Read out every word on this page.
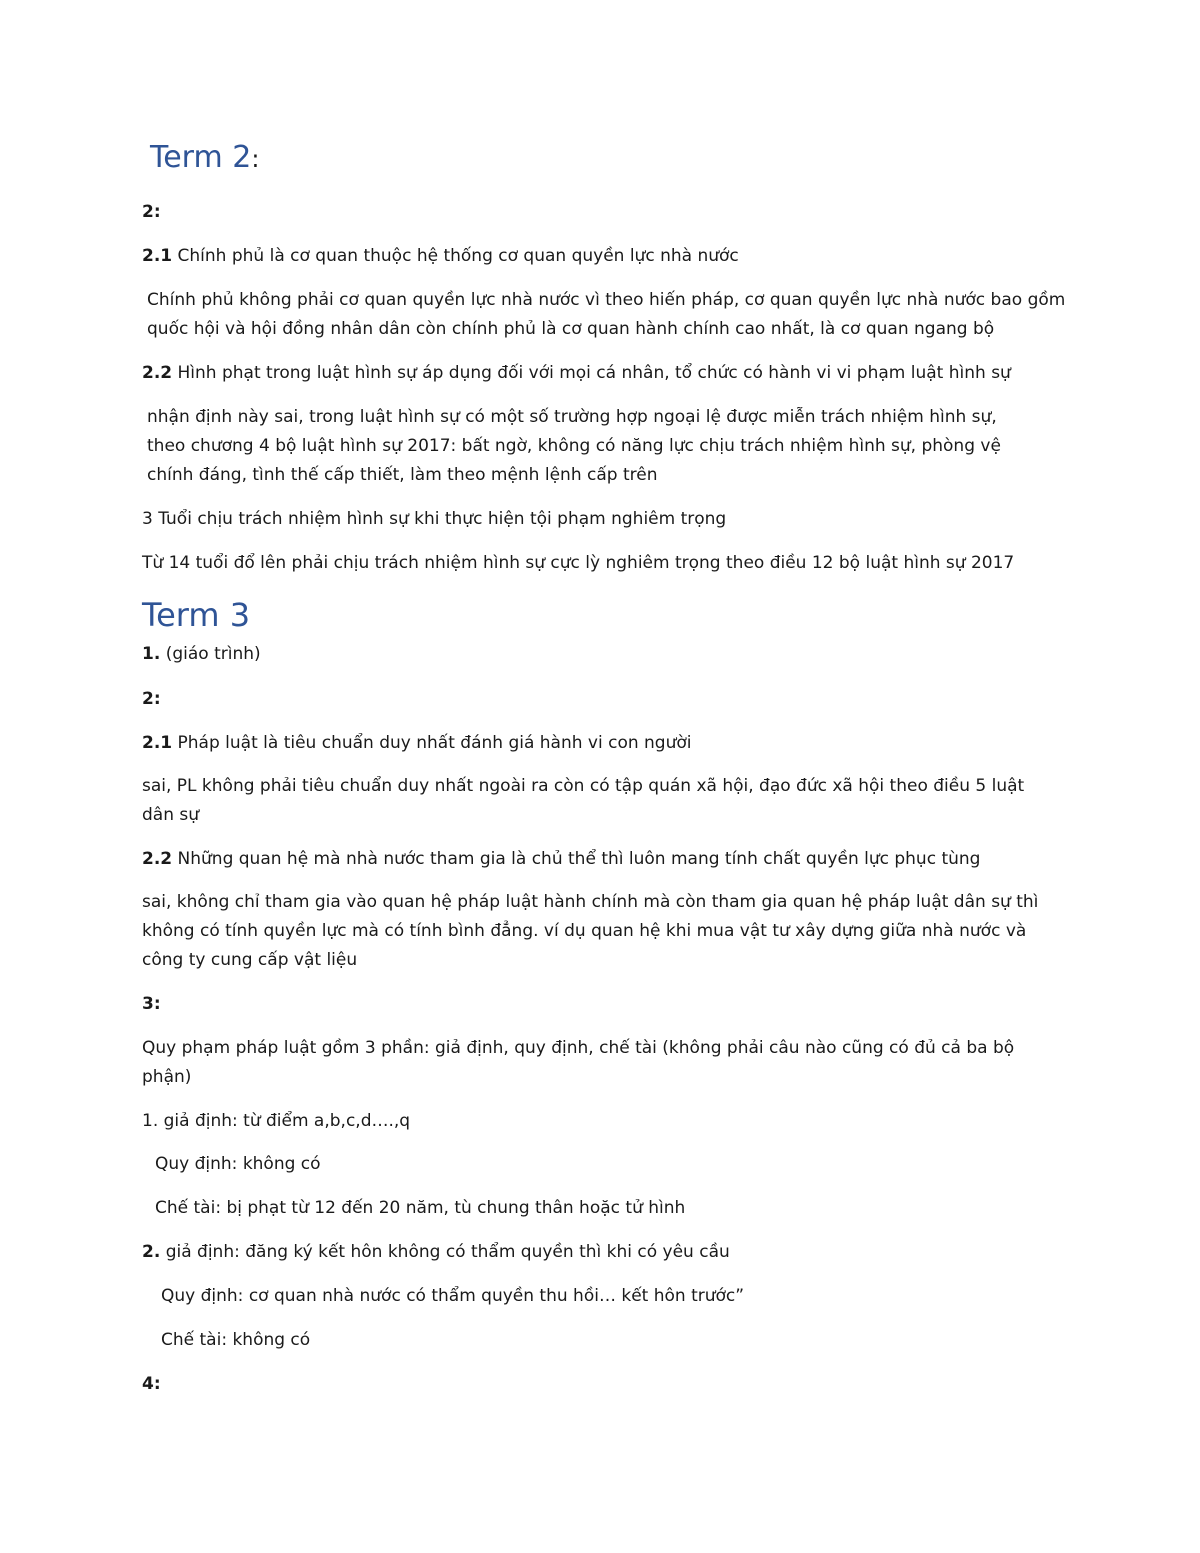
Term 2:

2:

2.1 Chính phủ là cơ quan thuộc hệ thống cơ quan quyền lực nhà nước

Chính phủ không phải cơ quan quyền lực nhà nước vì theo hiến pháp, cơ quan quyền lực nhà nước bao gồm quốc hội và hội đồng nhân dân còn chính phủ là cơ quan hành chính cao nhất, là cơ quan ngang bộ

2.2 Hình phạt trong luật hình sự áp dụng đối với mọi cá nhân, tổ chức có hành vi vi phạm luật hình sự

nhận định này sai, trong luật hình sự có một số trường hợp ngoại lệ được miễn trách nhiệm hình sự, theo chương 4 bộ luật hình sự 2017: bất ngờ, không có năng lực chịu trách nhiệm hình sự, phòng vệ chính đáng, tình thế cấp thiết, làm theo mệnh lệnh cấp trên

3 Tuổi chịu trách nhiệm hình sự khi thực hiện tội phạm nghiêm trọng

Từ 14 tuổi đổ lên phải chịu trách nhiệm hình sự cực lỳ nghiêm trọng theo điều 12 bộ luật hình sự 2017

Term 3

1. (giáo trình)

2:

2.1 Pháp luật là tiêu chuẩn duy nhất đánh giá hành vi con người

sai, PL không phải tiêu chuẩn duy nhất ngoài ra còn có tập quán xã hội, đạo đức xã hội theo điều 5 luật dân sự

2.2 Những quan hệ mà nhà nước tham gia là chủ thể thì luôn mang tính chất quyền lực phục tùng

sai, không chỉ tham gia vào quan hệ pháp luật hành chính mà còn tham gia quan hệ pháp luật dân sự thì không có tính quyền lực mà có tính bình đẳng. ví dụ quan hệ khi mua vật tư xây dựng giữa nhà nước và công ty cung cấp vật liệu

3:

Quy phạm pháp luật gồm 3 phần: giả định, quy định, chế tài (không phải câu nào cũng có đủ cả ba bộ phận)

1. giả định: từ điểm a,b,c,d….,q

Quy định: không có

Chế tài: bị phạt từ 12 đến 20 năm, tù chung thân hoặc tử hình

2. giả định: đăng ký kết hôn không có thẩm quyền thì khi có yêu cầu

Quy định: cơ quan nhà nước có thẩm quyền thu hồi… kết hôn trước”

Chế tài: không có

4:
